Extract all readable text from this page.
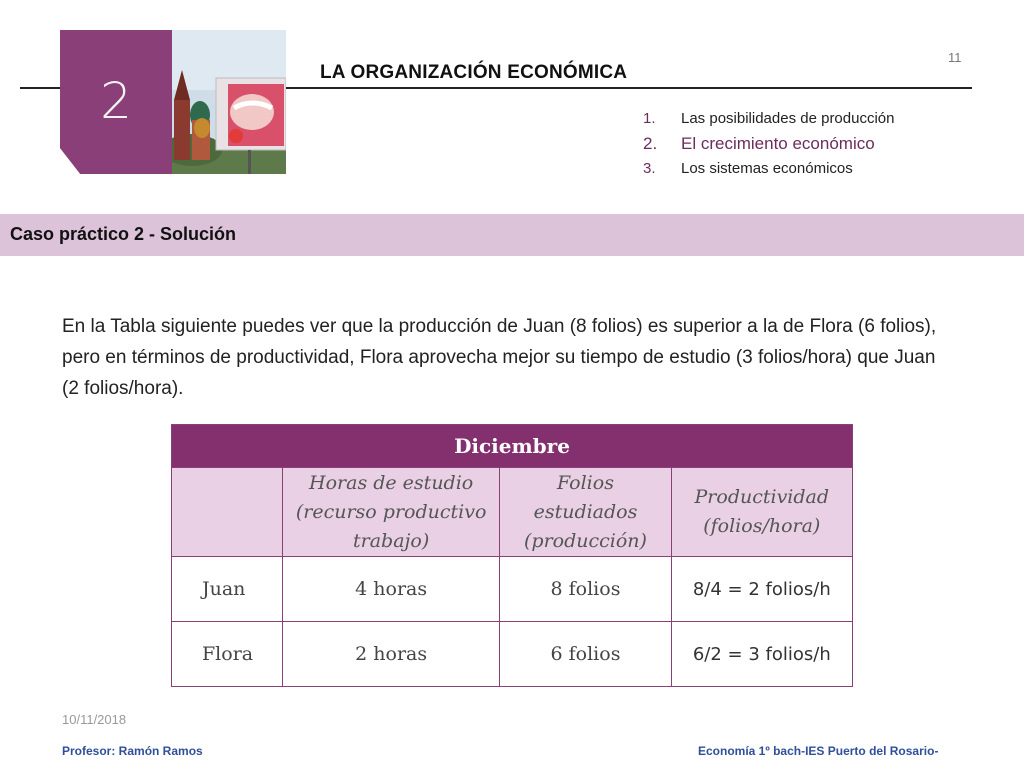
2	LA ORGANIZACIÓN ECONÓMICA
11
1.	Las posibilidades de producción
2.	El crecimiento económico
3.	Los sistemas económicos
Caso práctico 2 - Solución
En la Tabla siguiente puedes ver que la producción de Juan (8 folios) es superior a la de Flora (6 folios), pero en términos de productividad, Flora aprovecha mejor su tiempo de estudio (3 folios/hora) que Juan (2 folios/hora).
Diciembre			
	Horas de estudio (recurso productivo trabajo)	Folios estudiados (producción)	Productividad (folios/hora)
Juan	4 horas	8 folios	8/4 = 2 folios/h
Flora	2 horas	6 folios	6/2 = 3 folios/h
10/11/2018
Profesor: Ramón Ramos	Economía 1º bach-IES Puerto del Rosario-
